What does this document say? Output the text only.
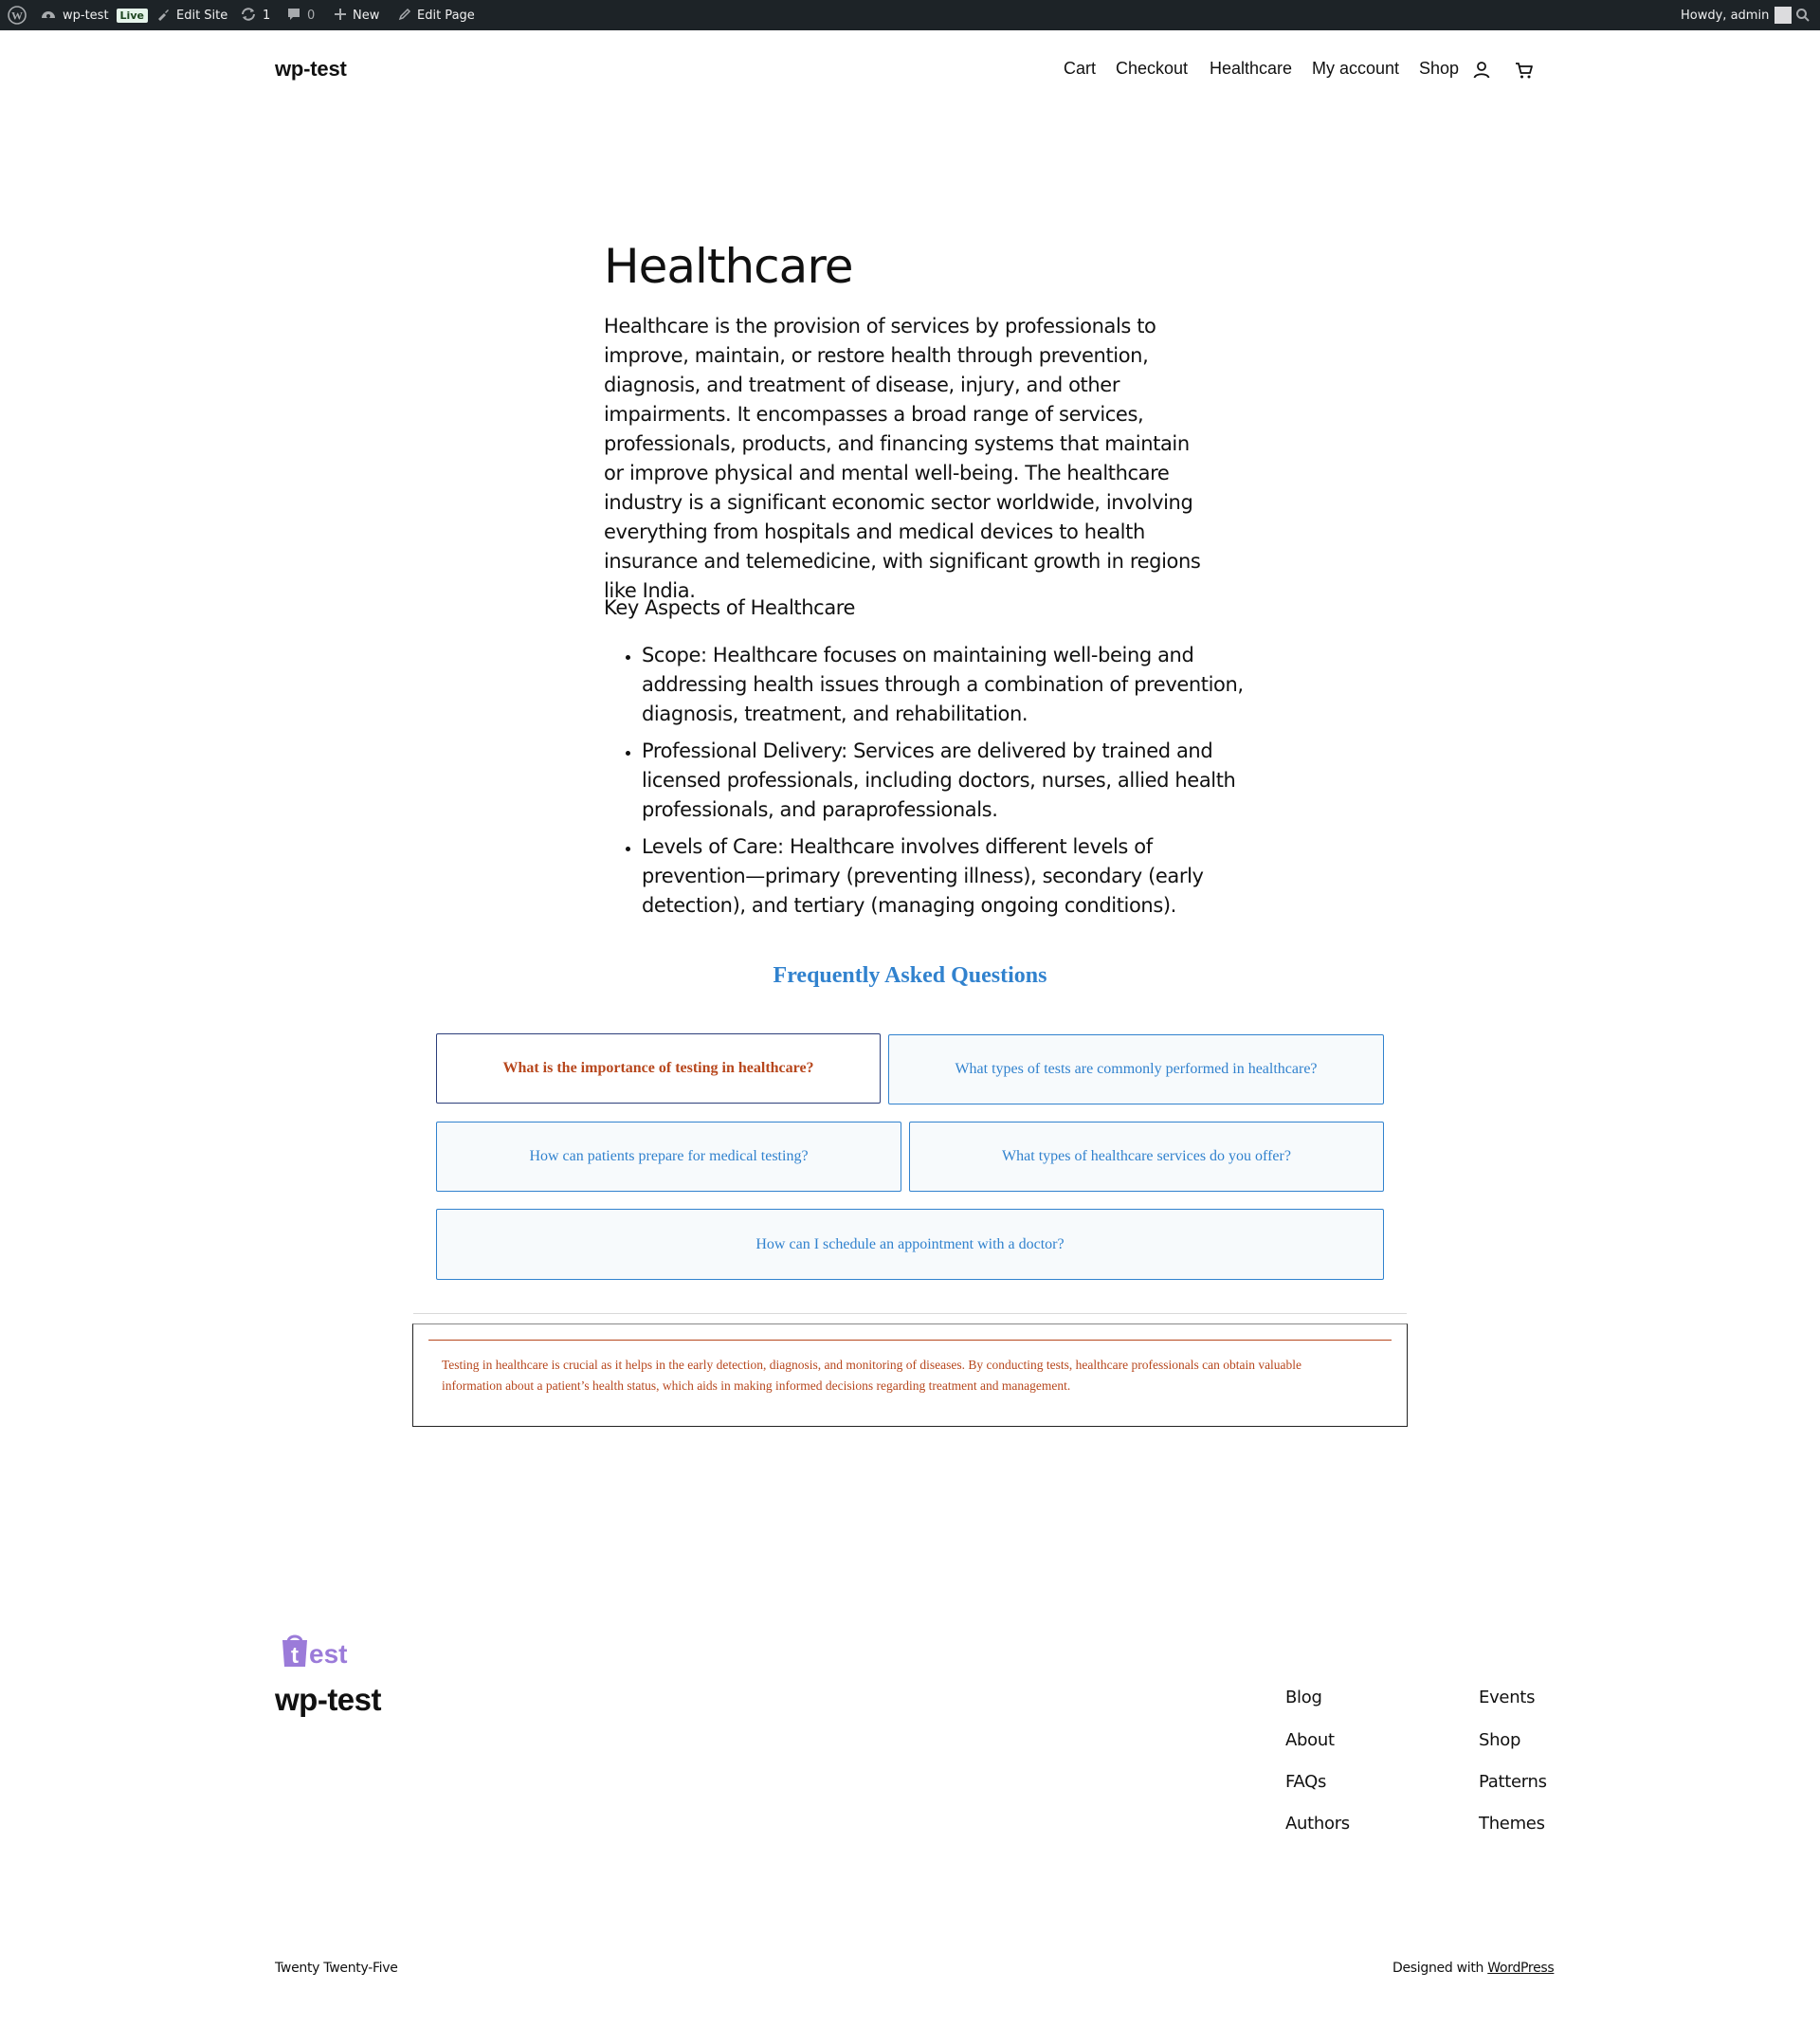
W	wp-test	Live	Edit Site	1	0	New	Edit Page	Howdy, admin
wp-test	Cart Checkout Healthcare My account Shop
Healthcare

Healthcare is the provision of services by professionals to improve, maintain, or restore health through prevention, diagnosis, and treatment of disease, injury, and other impairments. It encompasses a broad range of services, professionals, products, and financing systems that maintain or improve physical and mental well-being. The healthcare industry is a significant economic sector worldwide, involving everything from hospitals and medical devices to health insurance and telemedicine, with significant growth in regions like India.

Key Aspects of Healthcare

• Scope: Healthcare focuses on maintaining well-being and addressing health issues through a combination of prevention, diagnosis, treatment, and rehabilitation.
• Professional Delivery: Services are delivered by trained and licensed professionals, including doctors, nurses, allied health professionals, and paraprofessionals.
• Levels of Care: Healthcare involves different levels of prevention—primary (preventing illness), secondary (early detection), and tertiary (managing ongoing conditions).
Frequently Asked Questions
What is the importance of testing in healthcare?	What types of tests are commonly performed in healthcare?
How can patients prepare for medical testing?	What types of healthcare services do you offer?
How can I schedule an appointment with a doctor?
Testing in healthcare is crucial as it helps in the early detection, diagnosis, and monitoring of diseases. By conducting tests, healthcare professionals can obtain valuable information about a patient’s health status, which aids in making informed decisions regarding treatment and management.
t est
wp-test	Blog
About
FAQs
Authors
Events
Shop
Patterns
Themes
Twenty Twenty-Five	Designed with WordPress
